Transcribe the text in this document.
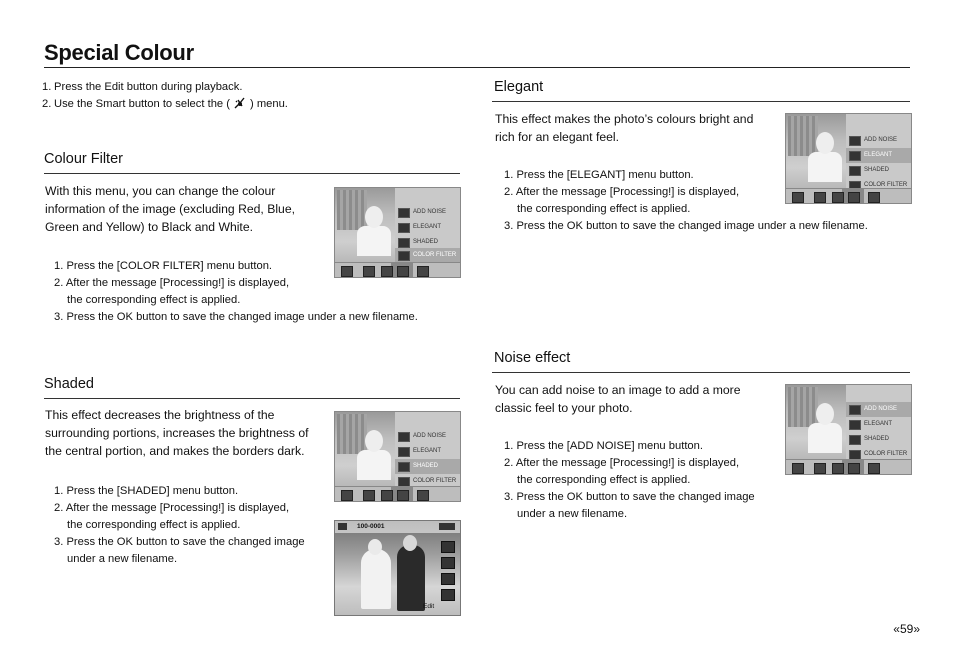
Special Colour
1. Press the Edit button during playback.
2. Use the Smart button to select the ( ) menu.
Colour Filter
With this menu, you can change the colour
information of the image (excluding Red, Blue,
Green and Yellow) to Black and White.
1. Press the [COLOR FILTER] menu button.
2. After the message [Processing!] is displayed,
the corresponding effect is applied.
3. Press the OK button to save the changed image under a new filename.
ADD NOISE
ELEGANT
SHADED
COLOR FILTER
Shaded
This effect decreases the brightness of the
surrounding portions, increases the brightness of
the central portion, and makes the borders dark.
1. Press the [SHADED] menu button.
2. After the message [Processing!] is displayed,
the corresponding effect is applied.
3. Press the OK button to save the changed image
under a new filename.
ADD NOISE
ELEGANT
SHADED
COLOR FILTER
100-0001
Edit
Elegant
This effect makes the photo’s colours bright and
rich for an elegant feel.
1. Press the [ELEGANT] menu button.
2. After the message [Processing!] is displayed,
the corresponding effect is applied.
3. Press the OK button to save the changed image under a new filename.
ADD NOISE
ELEGANT
SHADED
COLOR FILTER
Noise effect
You can add noise to an image to add a more
classic feel to your photo.
1. Press the [ADD NOISE] menu button.
2. After the message [Processing!] is displayed,
the corresponding effect is applied.
3. Press the OK button to save the changed image
under a new filename.
ADD NOISE
ELEGANT
SHADED
COLOR FILTER
«59»
